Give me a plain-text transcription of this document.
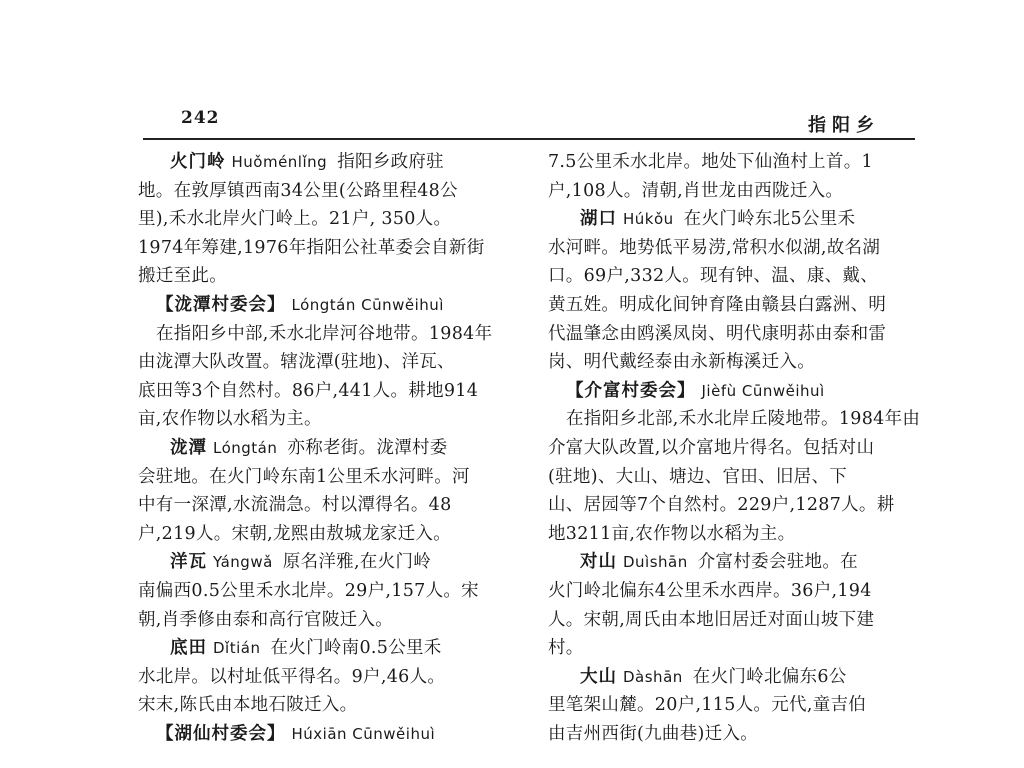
242	指阳乡
火门岭 Huǒménlǐng 指阳乡政府驻
地。在敦厚镇西南34公里(公路里程48公
里),禾水北岸火门岭上。21户, 350人。
1974年筹建,1976年指阳公社革委会自新街
搬迁至此。
【泷潭村委会】 Lóngtán Cūnwěihuì
在指阳乡中部,禾水北岸河谷地带。1984年
由泷潭大队改置。辖泷潭(驻地)、洋瓦、
底田等3个自然村。86户,441人。耕地914
亩,农作物以水稻为主。
泷潭 Lóngtán 亦称老街。泷潭村委
会驻地。在火门岭东南1公里禾水河畔。河
中有一深潭,水流湍急。村以潭得名。48
户,219人。宋朝,龙熙由敖城龙家迁入。
洋瓦 Yángwǎ 原名洋雅,在火门岭
南偏西0.5公里禾水北岸。29户,157人。宋
朝,肖季修由泰和高行官陂迁入。
底田 Dǐtián 在火门岭南0.5公里禾
水北岸。以村址低平得名。9户,46人。
宋末,陈氏由本地石陂迁入。
【湖仙村委会】 Húxiān Cūnwěihuì
7.5公里禾水北岸。地处下仙渔村上首。1
户,108人。清朝,肖世龙由西陇迁入。
湖口 Húkǒu 在火门岭东北5公里禾
水河畔。地势低平易涝,常积水似湖,故名湖
口。69户,332人。现有钟、温、康、戴、
黄五姓。明成化间钟育隆由赣县白露洲、明
代温肇念由鸥溪凤岗、明代康明荪由泰和雷
岗、明代戴经泰由永新梅溪迁入。
【介富村委会】 Jièfù Cūnwěihuì
在指阳乡北部,禾水北岸丘陵地带。1984年由
介富大队改置,以介富地片得名。包括对山
(驻地)、大山、塘边、官田、旧居、下
山、居园等7个自然村。229户,1287人。耕
地3211亩,农作物以水稻为主。
对山 Duìshān 介富村委会驻地。在
火门岭北偏东4公里禾水西岸。36户,194
人。宋朝,周氏由本地旧居迁对面山坡下建
村。
大山 Dàshān 在火门岭北偏东6公
里笔架山麓。20户,115人。元代,童吉伯
由吉州西街(九曲巷)迁入。
